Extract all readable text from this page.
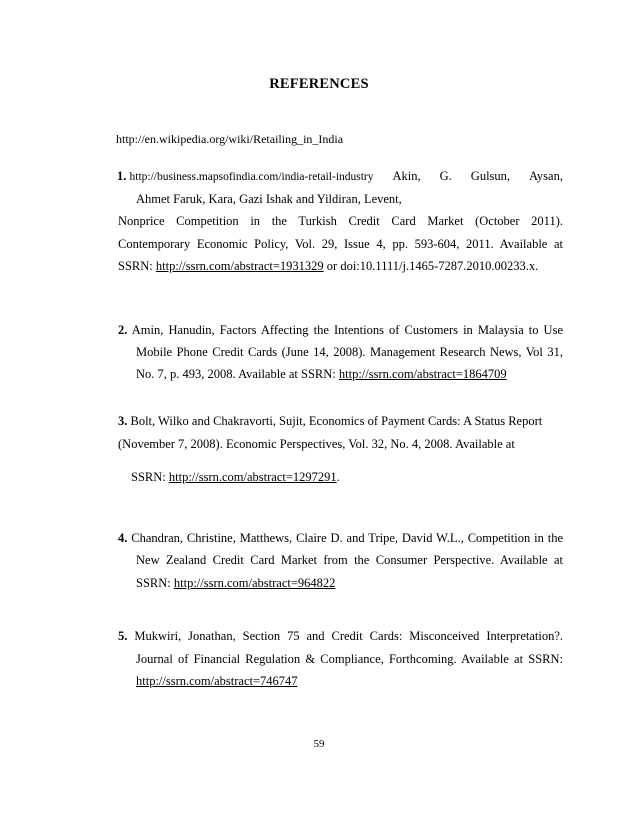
REFERENCES
http://en.wikipedia.org/wiki/Retailing_in_India
1. http://business.mapsofindia.com/india-retail-industry Akin, G. Gulsun, Aysan,
Ahmet Faruk, Kara, Gazi Ishak and Yildiran, Levent,
Nonprice Competition in the Turkish Credit Card Market (October 2011).
Contemporary Economic Policy, Vol. 29, Issue 4, pp. 593-604, 2011. Available at
SSRN: http://ssrn.com/abstract=1931329 or doi:10.1111/j.1465-7287.2010.00233.x.
2. Amin, Hanudin, Factors Affecting the Intentions of Customers in Malaysia to Use
Mobile Phone Credit Cards (June 14, 2008). Management Research News, Vol 31,
No. 7, p. 493, 2008. Available at SSRN: http://ssrn.com/abstract=1864709
3. Bolt, Wilko and Chakravorti, Sujit, Economics of Payment Cards: A Status Report
(November 7, 2008). Economic Perspectives, Vol. 32, No. 4, 2008. Available at
SSRN: http://ssrn.com/abstract=1297291.
4. Chandran, Christine, Matthews, Claire D. and Tripe, David W.L., Competition in the
New Zealand Credit Card Market from the Consumer Perspective. Available at
SSRN: http://ssrn.com/abstract=964822
5. Mukwiri, Jonathan, Section 75 and Credit Cards: Misconceived Interpretation?.
Journal of Financial Regulation & Compliance, Forthcoming. Available at SSRN:
http://ssrn.com/abstract=746747
59
